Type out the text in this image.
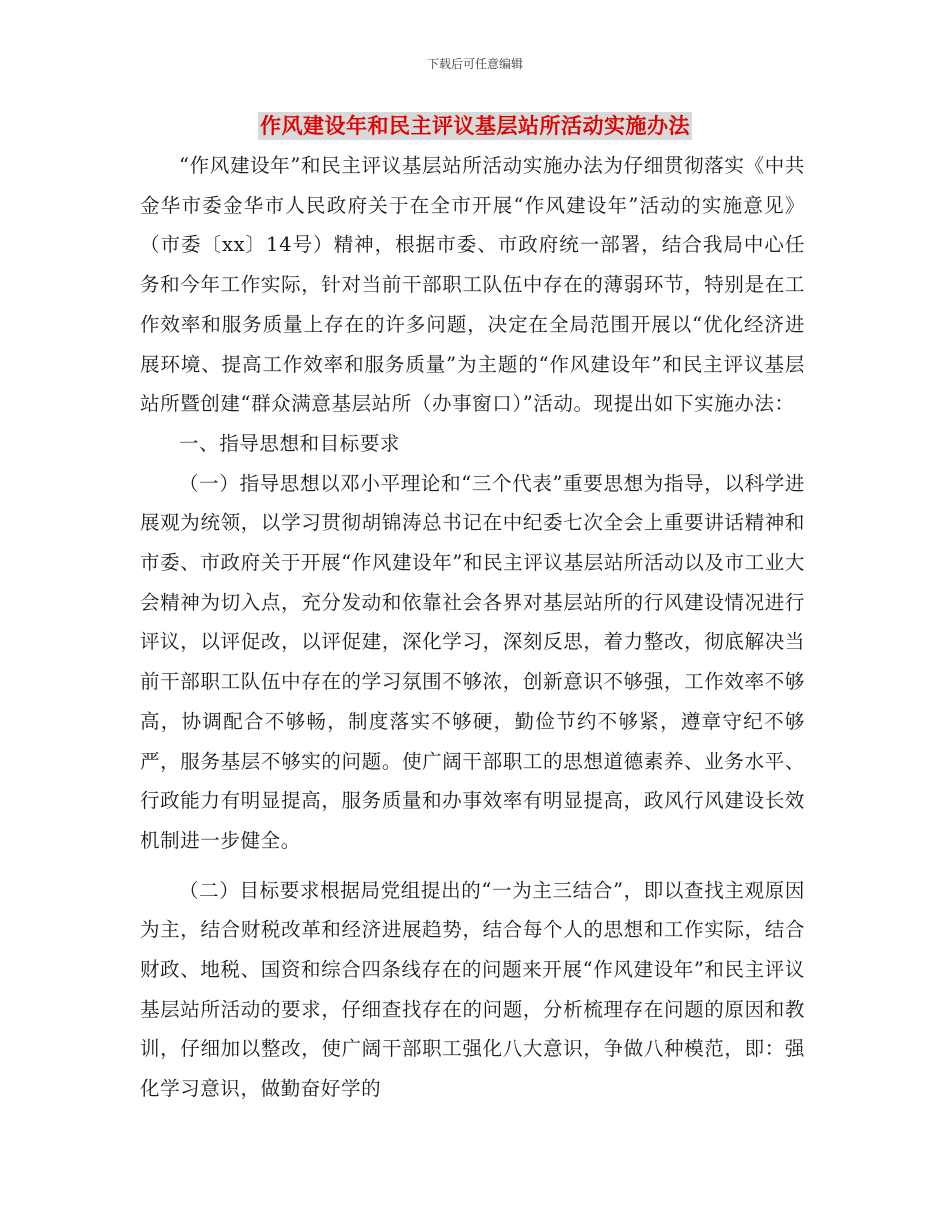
下载后可任意编辑
作风建设年和民主评议基层站所活动实施办法

“作风建设年”和民主评议基层站所活动实施办法为仔细贯彻落实《中共金华市委金华市人民政府关于在全市开展“作风建设年”活动的实施意见》（市委〔xx〕14号）精神，根据市委、市政府统一部署，结合我局中心任务和今年工作实际，针对当前干部职工队伍中存在的薄弱环节，特别是在工作效率和服务质量上存在的许多问题，决定在全局范围开展以“优化经济进展环境、提高工作效率和服务质量”为主题的“作风建设年”和民主评议基层站所暨创建“群众满意基层站所（办事窗口）”活动。现提出如下实施办法：

一、指导思想和目标要求

（一）指导思想以邓小平理论和“三个代表”重要思想为指导，以科学进展观为统领，以学习贯彻胡锦涛总书记在中纪委七次全会上重要讲话精神和市委、市政府关于开展“作风建设年”和民主评议基层站所活动以及市工业大会精神为切入点，充分发动和依靠社会各界对基层站所的行风建设情况进行评议，以评促改，以评促建，深化学习，深刻反思，着力整改，彻底解决当前干部职工队伍中存在的学习氛围不够浓，创新意识不够强，工作效率不够高，协调配合不够畅，制度落实不够硬，勤俭节约不够紧，遵章守纪不够严，服务基层不够实的问题。使广阔干部职工的思想道德素养、业务水平、行政能力有明显提高，服务质量和办事效率有明显提高，政风行风建设长效机制进一步健全。

（二）目标要求根据局党组提出的“一为主三结合”，即以查找主观原因为主，结合财税改革和经济进展趋势，结合每个人的思想和工作实际，结合财政、地税、国资和综合四条线存在的问题来开展“作风建设年”和民主评议基层站所活动的要求，仔细查找存在的问题，分析梳理存在问题的原因和教训，仔细加以整改，使广阔干部职工强化八大意识，争做八种模范，即：强化学习意识，做勤奋好学的
